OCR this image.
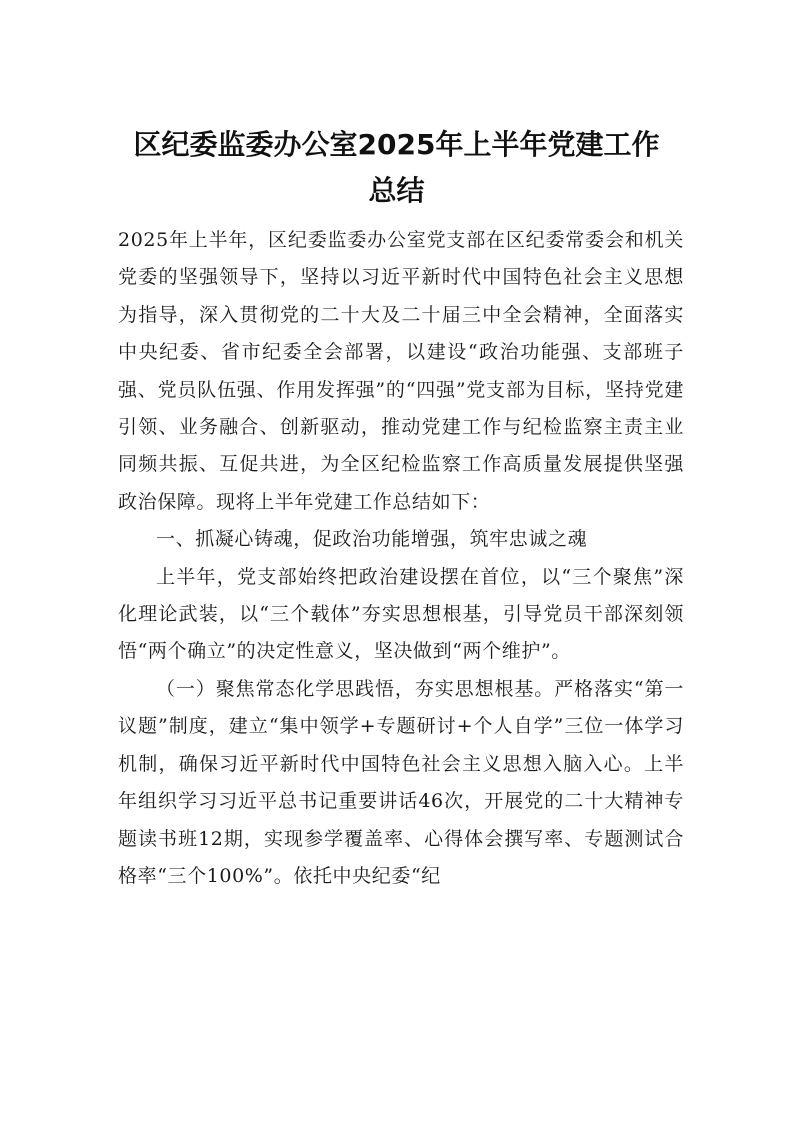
区纪委监委办公室2025年上半年党建工作
总结

2025年上半年，区纪委监委办公室党支部在区纪委常委会和机关党委的坚强领导下，坚持以习近平新时代中国特色社会主义思想为指导，深入贯彻党的二十大及二十届三中全会精神，全面落实中央纪委、省市纪委全会部署，以建设“政治功能强、支部班子强、党员队伍强、作用发挥强”的“四强”党支部为目标，坚持党建引领、业务融合、创新驱动，推动党建工作与纪检监察主责主业同频共振、互促共进，为全区纪检监察工作高质量发展提供坚强政治保障。现将上半年党建工作总结如下：

一、抓凝心铸魂，促政治功能增强，筑牢忠诚之魂

上半年，党支部始终把政治建设摆在首位，以“三个聚焦”深化理论武装，以“三个载体”夯实思想根基，引导党员干部深刻领悟“两个确立”的决定性意义，坚决做到“两个维护”。

（一）聚焦常态化学思践悟，夯实思想根基。严格落实“第一议题”制度，建立“集中领学+专题研讨+个人自学”三位一体学习机制，确保习近平新时代中国特色社会主义思想入脑入心。上半年组织学习习近平总书记重要讲话46次，开展党的二十大精神专题读书班12期，实现参学覆盖率、心得体会撰写率、专题测试合格率“三个100%”。依托中央纪委“纪
